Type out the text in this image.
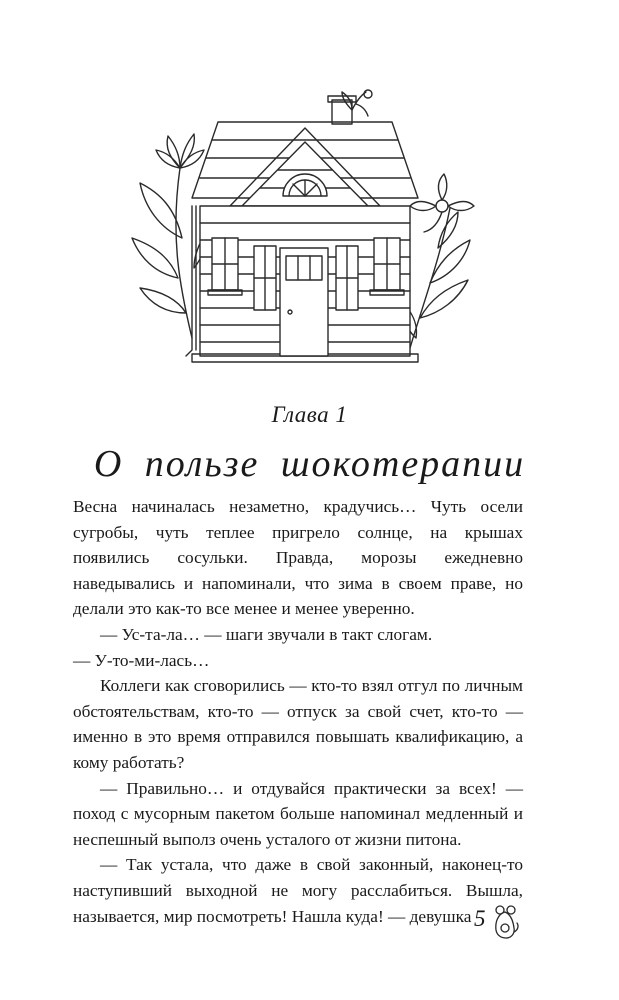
Глава 1
О пользе шокотерапии

Весна начиналась незаметно, крадучись… Чуть осели сугробы, чуть теплее пригрело солнце, на крышах появились сосульки. Правда, морозы ежедневно наведывались и напоминали, что зима в своем праве, но делали это как-то все менее и менее уверенно.

— Ус-та-ла… — шаги звучали в такт слогам.

— У-то-ми-лась…

Коллеги как сговорились — кто-то взял отгул по личным обстоятельствам, кто-то — отпуск за свой счет, кто-то — именно в это время отправился повышать квалификацию, а кому работать?

— Правильно… и отдувайся практически за всех! — поход с мусорным пакетом больше напоминал медленный и неспешный выполз очень усталого от жизни питона.

— Так устала, что даже в свой законный, наконец-то наступивший выходной не могу расслабиться. Вышла, называется, мир посмотреть! Нашла куда! — девушка 5
